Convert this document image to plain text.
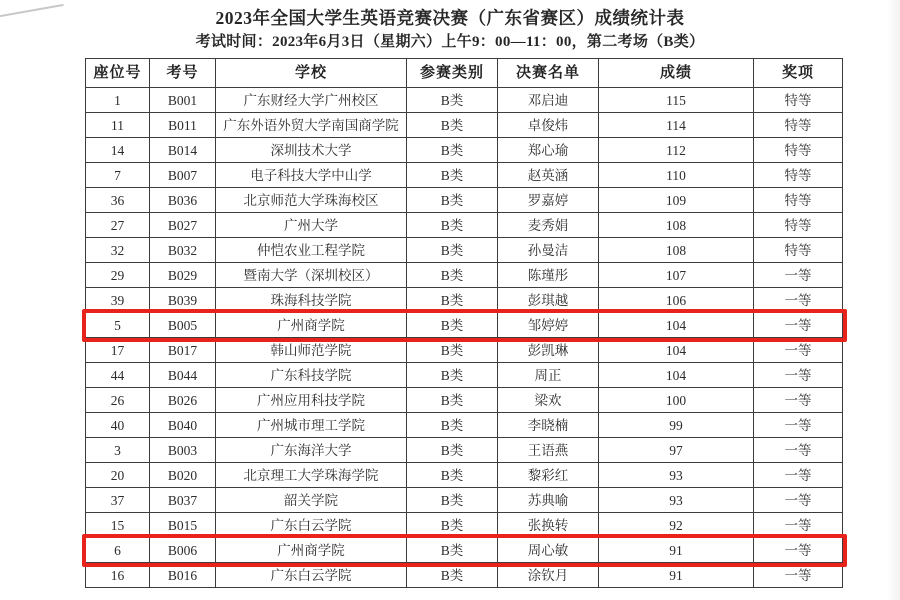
2023年全国大学生英语竞赛决赛（广东省赛区）成绩统计表
考试时间：2023年6月3日（星期六）上午9：00—11：00，第二考场（B类）
座位号	考号	学校	参赛类别	决赛名单	成绩	奖项

1	B001	广东财经大学广州校区	B类	邓启迪	115	特等

11	B011	广东外语外贸大学南国商学院	B类	卓俊炜	114	特等

14	B014	深圳技术大学	B类	郑心瑜	112	特等

7	B007	电子科技大学中山学	B类	赵英涵	110	特等

36	B036	北京师范大学珠海校区	B类	罗嘉婷	109	特等

27	B027	广州大学	B类	麦秀娟	108	特等

32	B032	仲恺农业工程学院	B类	孙曼洁	108	特等

29	B029	暨南大学（深圳校区）	B类	陈瑾彤	107	一等

39	B039	珠海科技学院	B类	彭琪越	106	一等

5	B005	广州商学院	B类	邹婷婷	104	一等

17	B017	韩山师范学院	B类	彭凯琳	104	一等

44	B044	广东科技学院	B类	周正	104	一等

26	B026	广州应用科技学院	B类	梁欢	100	一等

40	B040	广州城市理工学院	B类	李晓楠	99	一等

3	B003	广东海洋大学	B类	王语燕	97	一等

20	B020	北京理工大学珠海学院	B类	黎彩红	93	一等

37	B037	韶关学院	B类	苏典喻	93	一等

15	B015	广东白云学院	B类	张换转	92	一等

6	B006	广州商学院	B类	周心敏	91	一等

16	B016	广东白云学院	B类	涂钦月	91	一等
